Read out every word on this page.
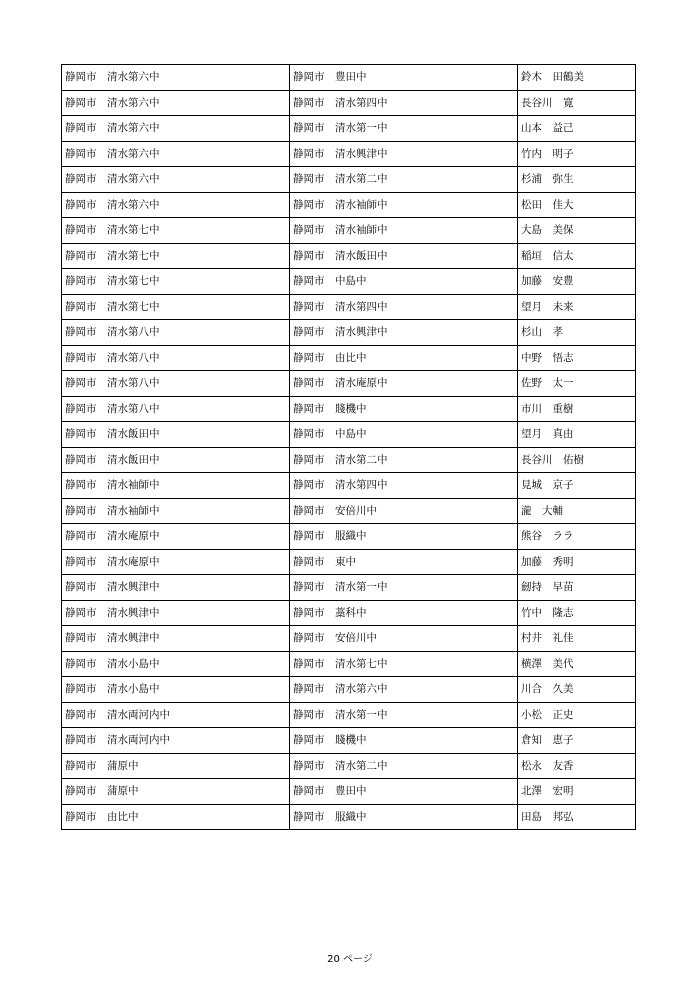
静岡市　清水第六中	静岡市　豊田中	鈴木　田鶴美
静岡市　清水第六中	静岡市　清水第四中	長谷川　寛
静岡市　清水第六中	静岡市　清水第一中	山本　益己
静岡市　清水第六中	静岡市　清水興津中	竹内　明子
静岡市　清水第六中	静岡市　清水第二中	杉浦　弥生
静岡市　清水第六中	静岡市　清水袖師中	松田　佳大
静岡市　清水第七中	静岡市　清水袖師中	大島　美保
静岡市　清水第七中	静岡市　清水飯田中	稲垣　信太
静岡市　清水第七中	静岡市　中島中	加藤　安豊
静岡市　清水第七中	静岡市　清水第四中	望月　未来
静岡市　清水第八中	静岡市　清水興津中	杉山　孝
静岡市　清水第八中	静岡市　由比中	中野　悟志
静岡市　清水第八中	静岡市　清水庵原中	佐野　太一
静岡市　清水第八中	静岡市　賤機中	市川　重樹
静岡市　清水飯田中	静岡市　中島中	望月　真由
静岡市　清水飯田中	静岡市　清水第二中	長谷川　佑樹
静岡市　清水袖師中	静岡市　清水第四中	見城　京子
静岡市　清水袖師中	静岡市　安倍川中	瀧　大輔
静岡市　清水庵原中	静岡市　服織中	熊谷　ララ
静岡市　清水庵原中	静岡市　東中	加藤　秀明
静岡市　清水興津中	静岡市　清水第一中	劒持　早苗
静岡市　清水興津中	静岡市　藁科中	竹中　隆志
静岡市　清水興津中	静岡市　安倍川中	村井　礼佳
静岡市　清水小島中	静岡市　清水第七中	横澤　美代
静岡市　清水小島中	静岡市　清水第六中	川合　久美
静岡市　清水両河内中	静岡市　清水第一中	小松　正史
静岡市　清水両河内中	静岡市　賤機中	倉知　恵子
静岡市　蒲原中	静岡市　清水第二中	松永　友香
静岡市　蒲原中	静岡市　豊田中	北澤　宏明
静岡市　由比中	静岡市　服織中	田島　邦弘
20 ページ
